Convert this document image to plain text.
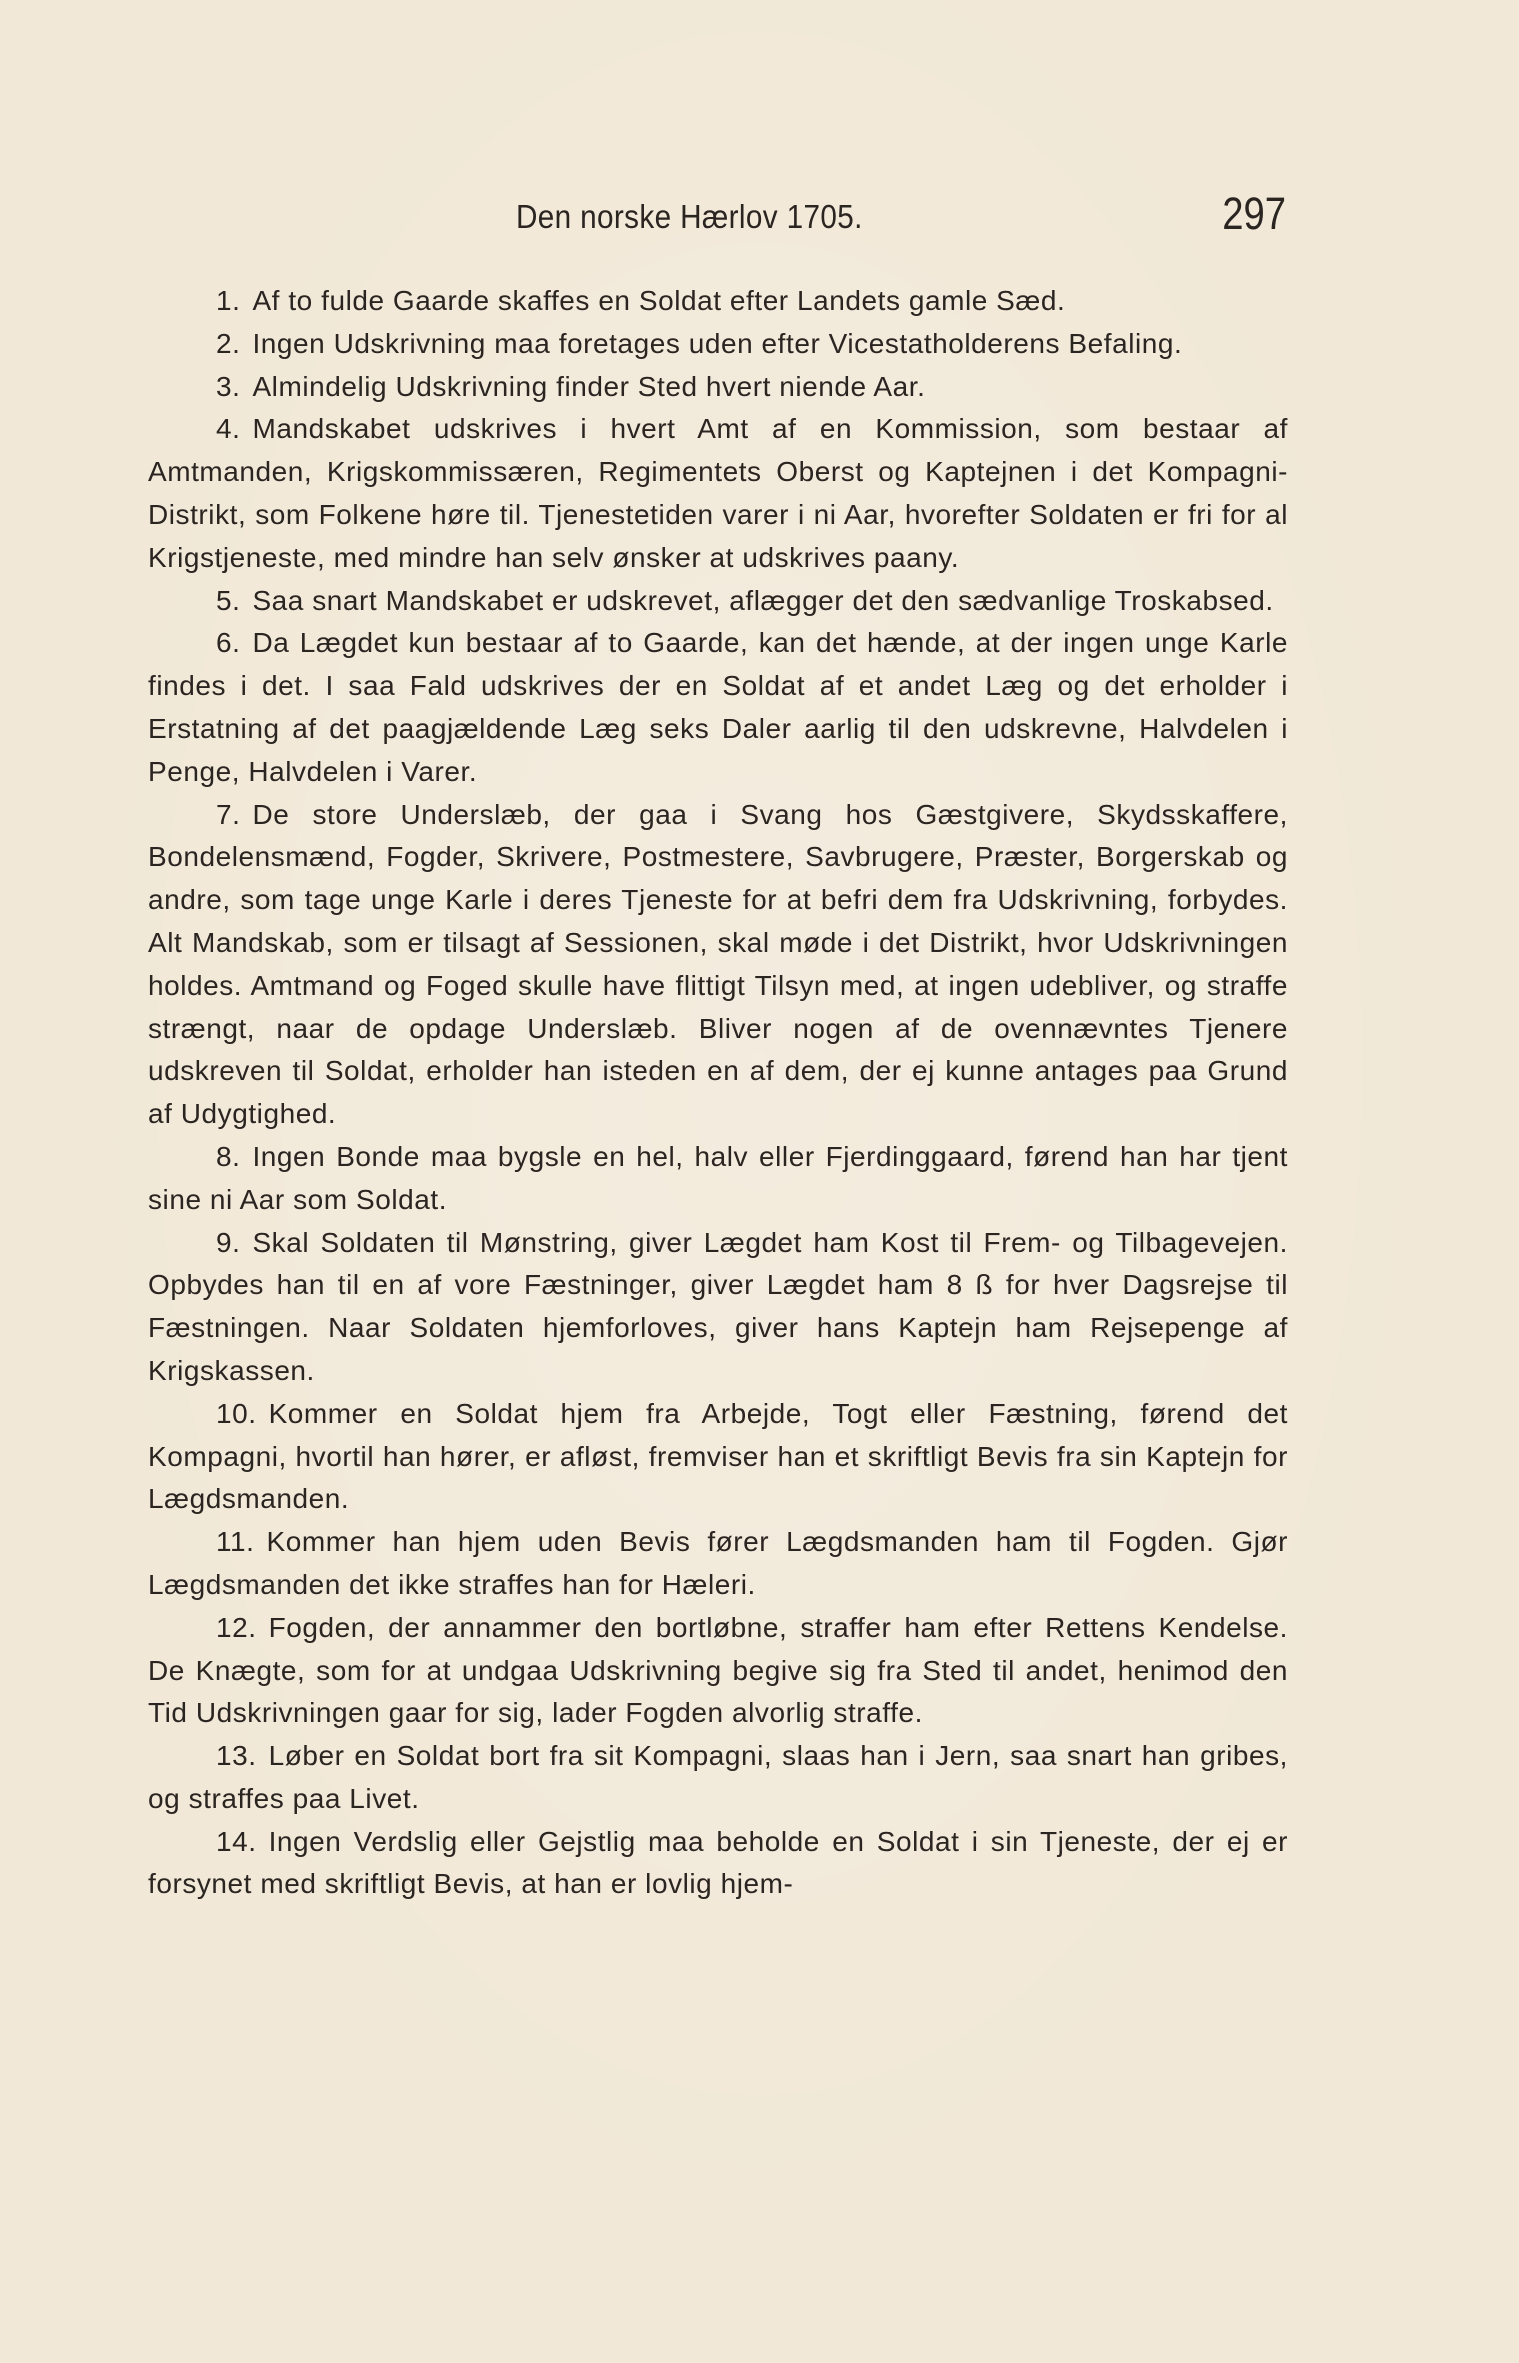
Den norske Hærlov 1705.	297

1. Af to fulde Gaarde skaffes en Soldat efter Landets gamle Sæd.

2. Ingen Udskrivning maa foretages uden efter Vicestatholderens Befaling.

3. Almindelig Udskrivning finder Sted hvert niende Aar.

4. Mandskabet udskrives i hvert Amt af en Kommission, som bestaar af Amtmanden, Krigskommissæren, Regimentets Oberst og Kaptejnen i det Kompagni-Distrikt, som Folkene høre til. Tjenestetiden varer i ni Aar, hvorefter Soldaten er fri for al Krigstjeneste, med mindre han selv ønsker at udskrives paany.

5. Saa snart Mandskabet er udskrevet, aflægger det den sædvanlige Troskabsed.

6. Da Lægdet kun bestaar af to Gaarde, kan det hænde, at der ingen unge Karle findes i det. I saa Fald udskrives der en Soldat af et andet Læg og det erholder i Erstatning af det paagjældende Læg seks Daler aarlig til den udskrevne, Halvdelen i Penge, Halvdelen i Varer.

7. De store Underslæb, der gaa i Svang hos Gæstgivere, Skydsskaffere, Bondelensmænd, Fogder, Skrivere, Postmestere, Savbrugere, Præster, Borgerskab og andre, som tage unge Karle i deres Tjeneste for at befri dem fra Udskrivning, forbydes. Alt Mandskab, som er tilsagt af Sessionen, skal møde i det Distrikt, hvor Udskrivningen holdes. Amtmand og Foged skulle have flittigt Tilsyn med, at ingen udebliver, og straffe strængt, naar de opdage Underslæb. Bliver nogen af de ovennævntes Tjenere udskreven til Soldat, erholder han isteden en af dem, der ej kunne antages paa Grund af Udygtighed.

8. Ingen Bonde maa bygsle en hel, halv eller Fjerdinggaard, førend han har tjent sine ni Aar som Soldat.

9. Skal Soldaten til Mønstring, giver Lægdet ham Kost til Frem- og Tilbagevejen. Opbydes han til en af vore Fæstninger, giver Lægdet ham 8 ß for hver Dagsrejse til Fæstningen. Naar Soldaten hjemforloves, giver hans Kaptejn ham Rejsepenge af Krigskassen.

10. Kommer en Soldat hjem fra Arbejde, Togt eller Fæstning, førend det Kompagni, hvortil han hører, er afløst, fremviser han et skriftligt Bevis fra sin Kaptejn for Lægdsmanden.

11. Kommer han hjem uden Bevis fører Lægdsmanden ham til Fogden. Gjør Lægdsmanden det ikke straffes han for Hæleri.

12. Fogden, der annammer den bortløbne, straffer ham efter Rettens Kendelse. De Knægte, som for at undgaa Udskrivning begive sig fra Sted til andet, henimod den Tid Udskrivningen gaar for sig, lader Fogden alvorlig straffe.

13. Løber en Soldat bort fra sit Kompagni, slaas han i Jern, saa snart han gribes, og straffes paa Livet.

14. Ingen Verdslig eller Gejstlig maa beholde en Soldat i sin Tjeneste, der ej er forsynet med skriftligt Bevis, at han er lovlig hjem-
